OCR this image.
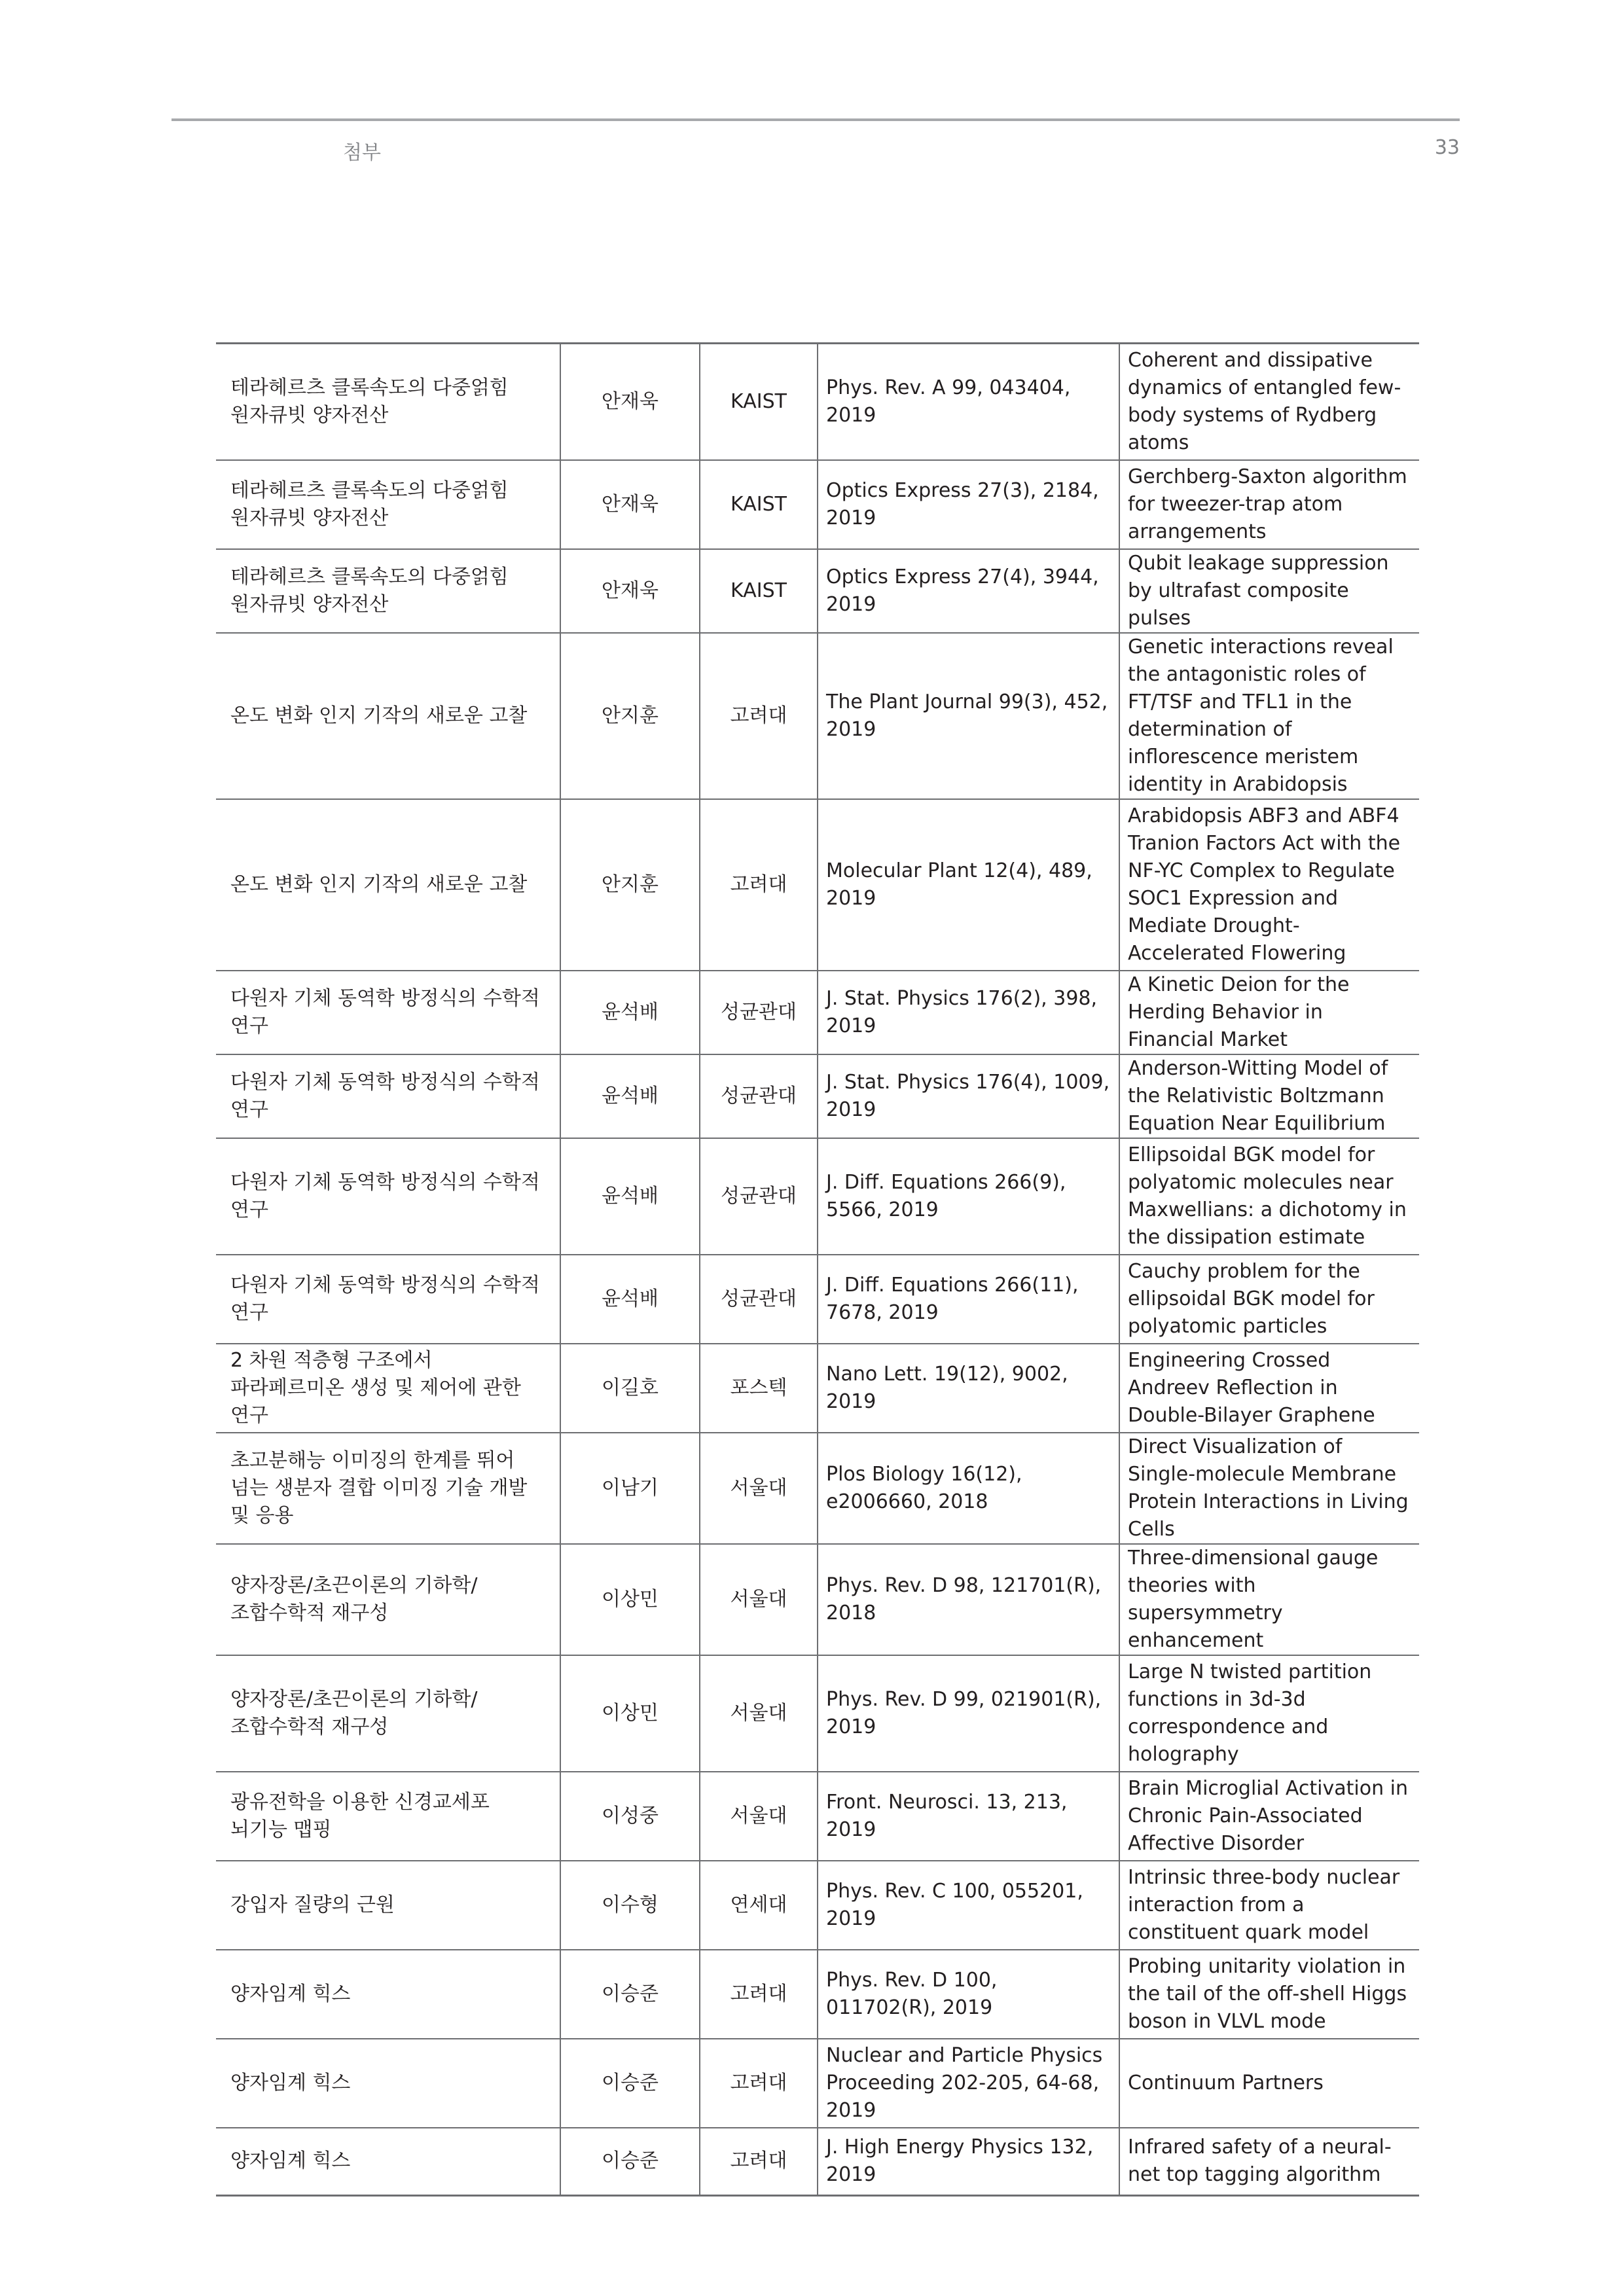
첨부	33
테라헤르츠 클록속도의 다중얽힘 원자큐빗 양자전산	안재욱	KAIST	Phys. Rev. A 99, 043404, 2019	Coherent and dissipative dynamics of entangled few-body systems of Rydberg atoms
테라헤르츠 클록속도의 다중얽힘 원자큐빗 양자전산	안재욱	KAIST	Optics Express 27(3), 2184, 2019	Gerchberg-Saxton algorithm for tweezer-trap atom arrangements
테라헤르츠 클록속도의 다중얽힘 원자큐빗 양자전산	안재욱	KAIST	Optics Express 27(4), 3944, 2019	Qubit leakage suppression by ultrafast composite pulses
온도 변화 인지 기작의 새로운 고찰	안지훈	고려대	The Plant Journal 99(3), 452, 2019	Genetic interactions reveal the antagonistic roles of FT/TSF and TFL1 in the determination of inflorescence meristem identity in Arabidopsis
온도 변화 인지 기작의 새로운 고찰	안지훈	고려대	Molecular Plant 12(4), 489, 2019	Arabidopsis ABF3 and ABF4 Tranion Factors Act with the NF-YC Complex to Regulate SOC1 Expression and Mediate Drought-Accelerated Flowering
다원자 기체 동역학 방정식의 수학적 연구	윤석배	성균관대	J. Stat. Physics 176(2), 398, 2019	A Kinetic Deion for the Herding Behavior in Financial Market
다원자 기체 동역학 방정식의 수학적 연구	윤석배	성균관대	J. Stat. Physics 176(4), 1009, 2019	Anderson-Witting Model of the Relativistic Boltzmann Equation Near Equilibrium
다원자 기체 동역학 방정식의 수학적 연구	윤석배	성균관대	J. Diff. Equations 266(9), 5566, 2019	Ellipsoidal BGK model for polyatomic molecules near Maxwellians: a dichotomy in the dissipation estimate
다원자 기체 동역학 방정식의 수학적 연구	윤석배	성균관대	J. Diff. Equations 266(11), 7678, 2019	Cauchy problem for the ellipsoidal BGK model for polyatomic particles
2 차원 적층형 구조에서 파라페르미온 생성 및 제어에 관한 연구	이길호	포스텍	Nano Lett. 19(12), 9002, 2019	Engineering Crossed Andreev Reflection in Double-Bilayer Graphene
초고분해능 이미징의 한계를 뛰어 넘는 생분자 결합 이미징 기술 개발 및 응용	이남기	서울대	Plos Biology 16(12), e2006660, 2018	Direct Visualization of Single-molecule Membrane Protein Interactions in Living Cells
양자장론/초끈이론의 기하학/ 조합수학적 재구성	이상민	서울대	Phys. Rev. D 98, 121701(R), 2018	Three-dimensional gauge theories with supersymmetry enhancement
양자장론/초끈이론의 기하학/ 조합수학적 재구성	이상민	서울대	Phys. Rev. D 99, 021901(R), 2019	Large N twisted partition functions in 3d-3d correspondence and holography
광유전학을 이용한 신경교세포 뇌기능 맵핑	이성중	서울대	Front. Neurosci. 13, 213, 2019	Brain Microglial Activation in Chronic Pain-Associated Affective Disorder
강입자 질량의 근원	이수형	연세대	Phys. Rev. C 100, 055201, 2019	Intrinsic three-body nuclear interaction from a constituent quark model
양자임계 힉스	이승준	고려대	Phys. Rev. D 100, 011702(R), 2019	Probing unitarity violation in the tail of the off-shell Higgs boson in VLVL mode
양자임계 힉스	이승준	고려대	Nuclear and Particle Physics Proceeding 202-205, 64-68, 2019	Continuum Partners
양자임계 힉스	이승준	고려대	J. High Energy Physics 132, 2019	Infrared safety of a neural-net top tagging algorithm
